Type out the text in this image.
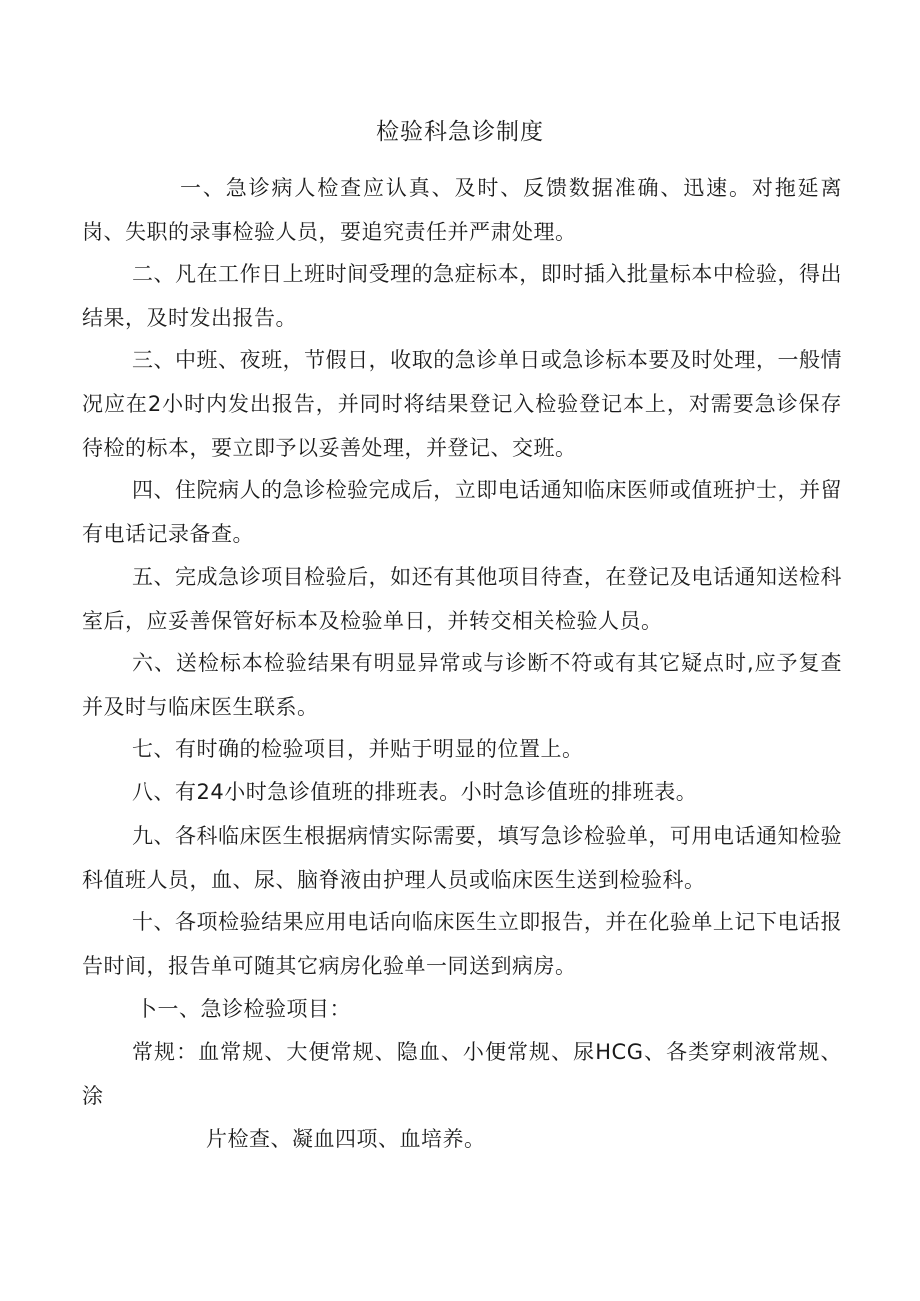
检验科急诊制度
一、急诊病人检查应认真、及时、反馈数据准确、迅速。对拖延离岗、失职的录事检验人员，要追究责任并严肃处理。
二、凡在工作日上班时间受理的急症标本，即时插入批量标本中检验，得出结果，及时发出报告。
三、中班、夜班，节假日，收取的急诊单日或急诊标本要及时处理，一般情况应在2小时内发出报告，并同时将结果登记入检验登记本上，对需要急诊保存待检的标本，要立即予以妥善处理，并登记、交班。
四、住院病人的急诊检验完成后，立即电话通知临床医师或值班护士，并留有电话记录备查。
五、完成急诊项目检验后，如还有其他项目待查，在登记及电话通知送检科室后，应妥善保管好标本及检验单日，并转交相关检验人员。
六、送检标本检验结果有明显异常或与诊断不符或有其它疑点时,应予复查并及时与临床医生联系。
七、有时确的检验项目，并贴于明显的位置上。
八、有24小时急诊值班的排班表。小时急诊值班的排班表。
九、各科临床医生根据病情实际需要，填写急诊检验单，可用电话通知检验科值班人员，血、尿、脑脊液由护理人员或临床医生送到检验科。
十、各项检验结果应用电话向临床医生立即报告，并在化验单上记下电话报告时间，报告单可随其它病房化验单一同送到病房。
卜一、急诊检验项目：
常规：血常规、大便常规、隐血、小便常规、尿HCG、各类穿刺液常规、涂
片检查、凝血四项、血培养。
